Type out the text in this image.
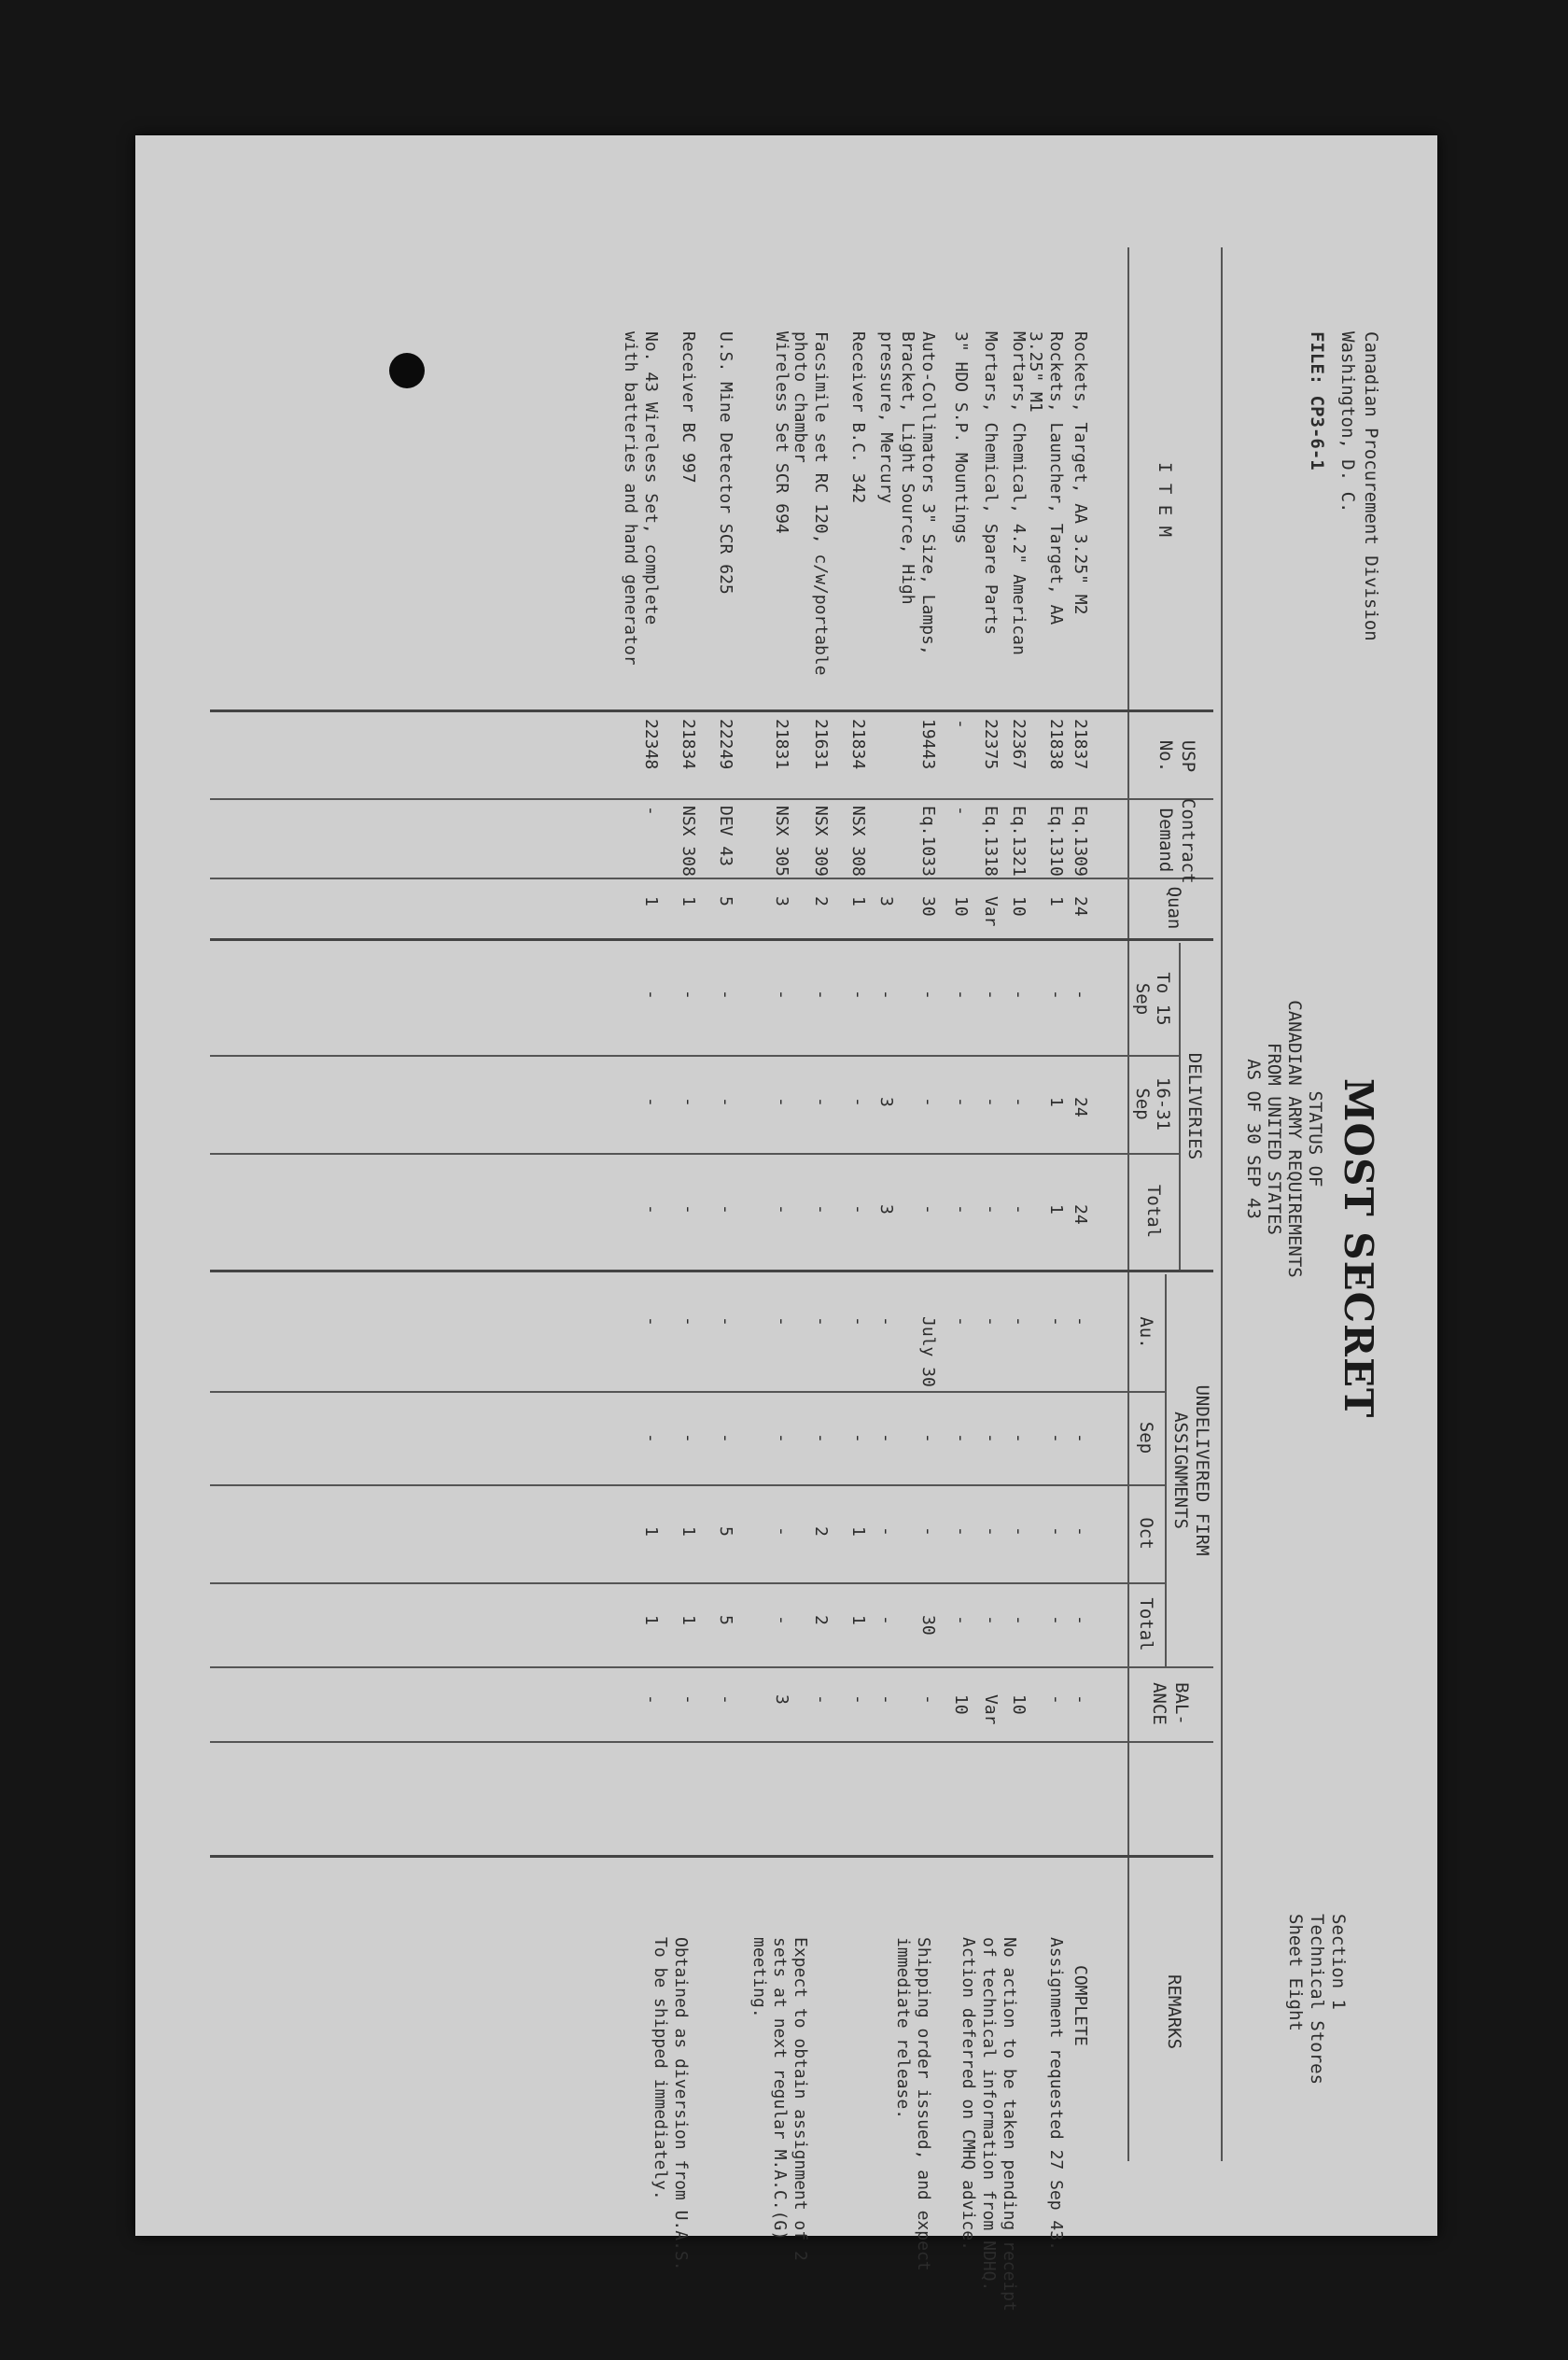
Canadian Procurement Division
Washington, D. C.
FILE: CP3-6-1
MOST SECRET
STATUS OF
CANADIAN ARMY REQUIREMENTS
FROM UNITED STATES
AS OF 30 SEP 43
Section 1
Technical Stores
Sheet Eight
I T E M
USP
No.
Contract
Demand
Quan
DELIVERIES
To 15
Sep
16-31
Sep
Total
UNDELIVERED FIRM
ASSIGNMENTS
Au.
Sep
Oct
Total
BAL-
ANCE
REMARKS
Rockets, Target, AA 3.25" M2
21837
Eq.1309
24
-
24
24
-
-
-
-
-
Rockets, Launcher, Target, AA
3.25" M1
21838
Eq.1310
1
-
1
1
-
-
-
-
-
Mortars, Chemical, 4.2" American
22367
Eq.1321
10
-
-
-
-
-
-
-
10
Mortars, Chemical, Spare Parts
22375
Eq.1318
Var
-
-
-
-
-
-
-
Var
3" HDO S.P. Mountings
-
-
10
-
-
-
-
-
-
-
10
Auto-Collimators 3" Size, Lamps,
Bracket, Light Source, High
19443
Eq.1033
30
-
-
-
July 30
-
-
30
-
pressure, Mercury
3
-
3
3
-
-
-
-
-
Receiver B.C. 342
21834
NSX 308
1
-
-
-
-
-
1
1
-
Facsimile set RC 120, c/w/portable
photo chamber
21631
NSX 309
2
-
-
-
-
-
2
2
-
Wireless Set SCR 694
21831
NSX 305
3
-
-
-
-
-
-
-
3
U.S. Mine Detector SCR 625
22249
DEV 43
5
-
-
-
-
-
5
5
-
Receiver BC 997
21834
NSX 308
1
-
-
-
-
-
1
1
-
No. 43 Wireless Set, complete
with batteries and hand generator
22348
-
1
-
-
-
-
-
1
1
-
COMPLETE
Assignment requested 27 Sep 43.
No action to be taken pending receipt
of technical information from NDHQ.
Action deferred on CMHQ advice.
Shipping order issued, and expect
immediate release.
Expect to obtain assignment of 2
sets at next regular M.A.C.(G)
meeting.
Obtained as diversion from U.A.S.
To be shipped immediately.
